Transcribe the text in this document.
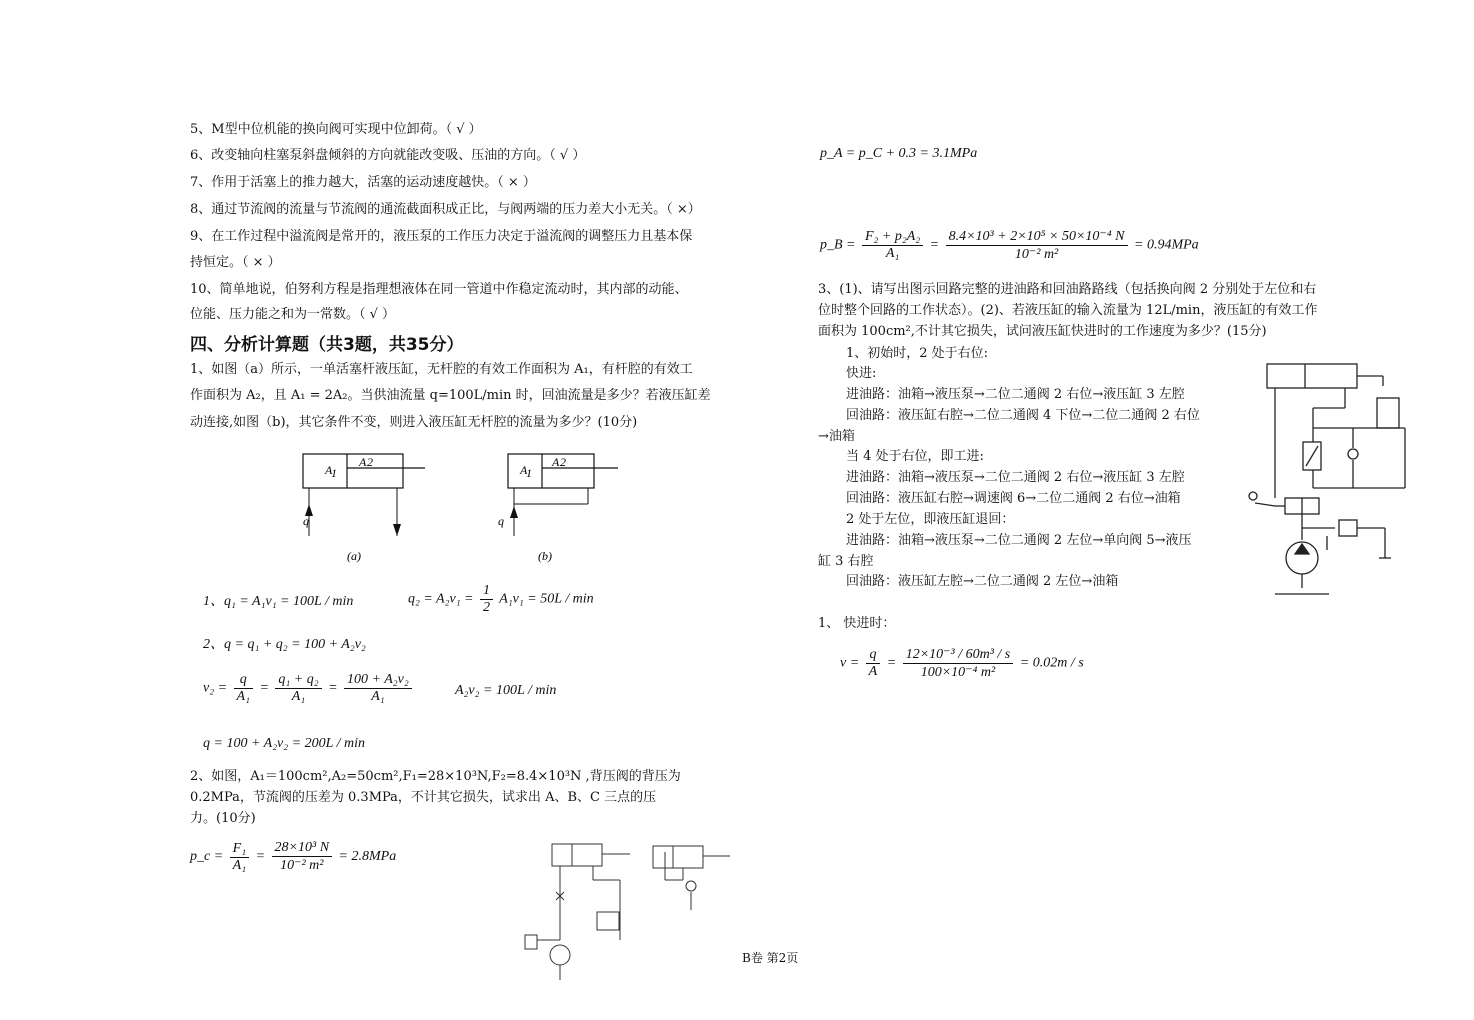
5、M型中位机能的换向阀可实现中位卸荷。（ √ ）
6、改变轴向柱塞泵斜盘倾斜的方向就能改变吸、压油的方向。（ √ ）
7、作用于活塞上的推力越大，活塞的运动速度越快。（ × ）
8、通过节流阀的流量与节流阀的通流截面积成正比，与阀两端的压力差大小无关。（ ×）
9、在工作过程中溢流阀是常开的，液压泵的工作压力决定于溢流阀的调整压力且基本保
持恒定。（ × ）
10、简单地说，伯努利方程是指理想液体在同一管道中作稳定流动时，其内部的动能、
位能、压力能之和为一常数。（ √ ）
四、分析计算题（共3题，共35分）
1、如图（a）所示，一单活塞杆液压缸，无杆腔的有效工作面积为 A₁，有杆腔的有效工
作面积为 A₂，且 A₁ = 2A₂。当供油流量 q=100L/min 时，回油流量是多少？若液压缸差
动连接,如图（b)，其它条件不变，则进入液压缸无杆腔的流量为多少？(10分)
A
1
A 2
q
(a)
A
1
A 2
q
(b)
1、q₁ = A₁v₁ = 100L / min	$q_2 = A_2v_1 = \frac{1}{2} A_1v_1 = 50L / \min$
2、q = q₁ + q₂ = 100 + A₂v₂
$v_2 = \frac{q}{\text{A₁}} = \frac{\text{q₁ + q₂}}{\text{A₁}} = \frac{\text{100 + A₂v₂}}{\text{A₁}}$	A₂v₂ = 100L / min
q = 100 + A₂v₂ = 200L / min
2、如图，A₁＝100cm²,A₂=50cm²,F₁=28×10³N,F₂=8.4×10³N ,背压阀的背压为
0.2MPa，节流阀的压差为 0.3MPa，不计其它损失，试求出 A、B、C 三点的压
力。(10分)
p_c = $\frac{\text{F₁}}{\text{A₁}} = \frac{\text{28×10³ N}}{\text{10⁻² m²}} = 2.8MPa$
B卷 第2页
p_A = p_C + 0.3 = 3.1MPa
p_B = $\frac{\text{F₂ + p₂A₂}}{\text{A₁}} = \frac{\text{8.4×10³ + 2×10⁵ × 50×10⁻⁴ N}}{\text{10⁻² m²}} = 0.94MPa$
3、(1)、请写出图示回路完整的进油路和回油路路线（包括换向阀 2 分别处于左位和右
位时整个回路的工作状态）。(2)、若液压缸的输入流量为 12L/min，液压缸的有效工作
面积为 100cm²,不计其它损失，试问液压缸快进时的工作速度为多少？(15分)
1、初始时，2 处于右位:
快进:
进油路：油箱→液压泵→二位二通阀 2 右位→液压缸 3 左腔
回油路：液压缸右腔→二位二通阀 4 下位→二位二通阀 2 右位
→油箱
当 4 处于右位，即工进:
进油路：油箱→液压泵→二位二通阀 2 右位→液压缸 3 左腔
回油路：液压缸右腔→调速阀 6→二位二通阀 2 右位→油箱
2 处于左位，即液压缸退回：
进油路：油箱→液压泵→二位二通阀 2 左位→单向阀 5→液压
缸 3 右腔
回油路：液压缸左腔→二位二通阀 2 左位→油箱
1、 快进时：
$v = \frac{q}{A} = \frac{\text{12×10⁻³ / 60m³ / s}}{\text{100×10⁻⁴ m²}} = 0.02m / s$
